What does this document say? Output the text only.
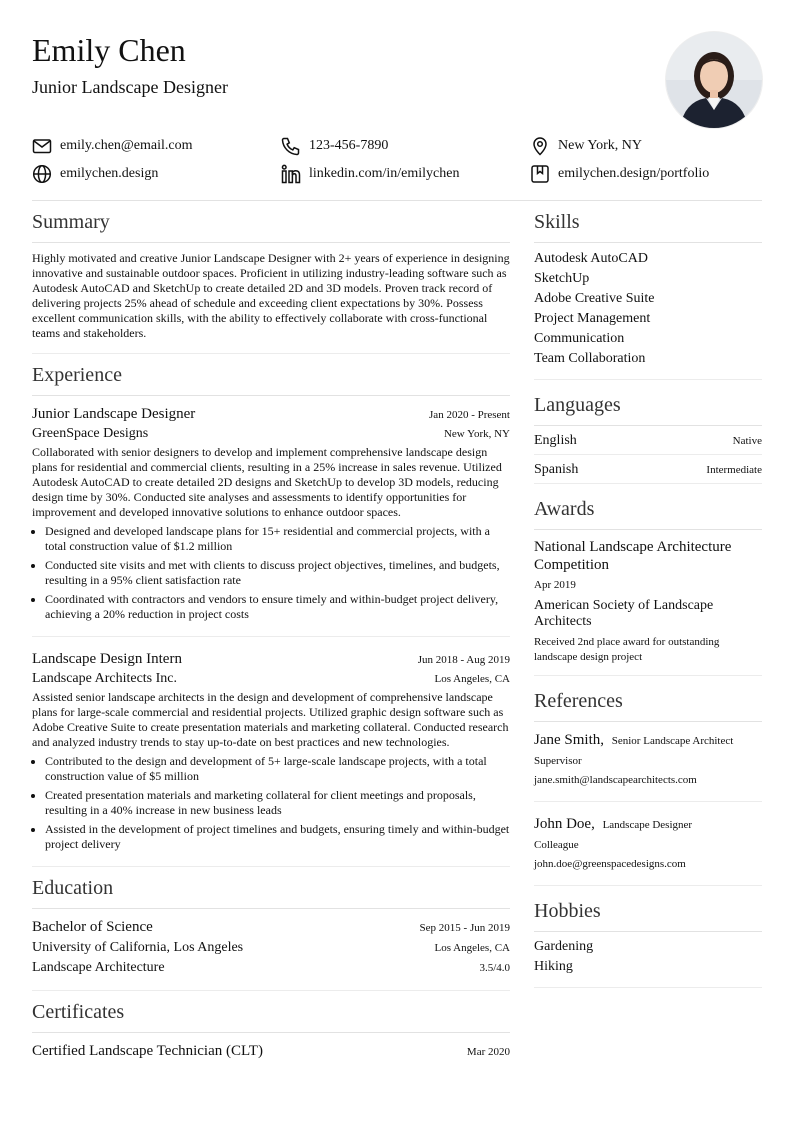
Emily Chen
Junior Landscape Designer
emily.chen@email.com	123-456-7890	New York, NY
emilychen.design	linkedin.com/in/emilychen	emilychen.design/portfolio
Summary

Highly motivated and creative Junior Landscape Designer with 2+ years of experience in designing innovative and sustainable outdoor spaces. Proficient in utilizing industry-leading software such as Autodesk AutoCAD and SketchUp to create detailed 2D and 3D models. Proven track record of delivering projects 25% ahead of schedule and exceeding client expectations by 30%. Possess excellent communication skills, with the ability to effectively collaborate with cross-functional teams and stakeholders.

Experience
Junior Landscape Designer	Jan 2020 - Present
GreenSpace Designs	New York, NY
Collaborated with senior designers to develop and implement comprehensive landscape design plans for residential and commercial clients, resulting in a 25% increase in sales revenue. Utilized Autodesk AutoCAD to create detailed 2D designs and SketchUp to develop 3D models, reducing design time by 30%. Conducted site analyses and assessments to identify opportunities for improvement and developed innovative solutions to enhance outdoor spaces.
• Designed and developed landscape plans for 15+ residential and commercial projects, with a total construction value of $1.2 million
• Conducted site visits and met with clients to discuss project objectives, timelines, and budgets, resulting in a 95% client satisfaction rate
• Coordinated with contractors and vendors to ensure timely and within-budget project delivery, achieving a 20% reduction in project costs
Landscape Design Intern	Jun 2018 - Aug 2019
Landscape Architects Inc.	Los Angeles, CA
Assisted senior landscape architects in the design and development of comprehensive landscape plans for large-scale commercial and residential projects. Utilized graphic design software such as Adobe Creative Suite to create presentation materials and marketing collateral. Conducted research and analyzed industry trends to stay up-to-date on best practices and new technologies.
• Contributed to the design and development of 5+ large-scale landscape projects, with a total construction value of $5 million
• Created presentation materials and marketing collateral for client meetings and proposals, resulting in a 40% increase in new business leads
• Assisted in the development of project timelines and budgets, ensuring timely and within-budget project delivery
Education
Bachelor of Science	Sep 2015 - Jun 2019
University of California, Los Angeles	Los Angeles, CA
Landscape Architecture	3.5/4.0
Certificates
Certified Landscape Technician (CLT)	Mar 2020
Skills
Autodesk AutoCAD
SketchUp
Adobe Creative Suite
Project Management
Communication
Team Collaboration
Languages
English	Native
Spanish	Intermediate
Awards
National Landscape Architecture Competition
Apr 2019
American Society of Landscape Architects
Received 2nd place award for outstanding landscape design project
References
Jane Smith, Senior Landscape Architect
Supervisor
jane.smith@landscapearchitects.com
John Doe, Landscape Designer
Colleague
john.doe@greenspacedesigns.com
Hobbies
Gardening
Hiking
